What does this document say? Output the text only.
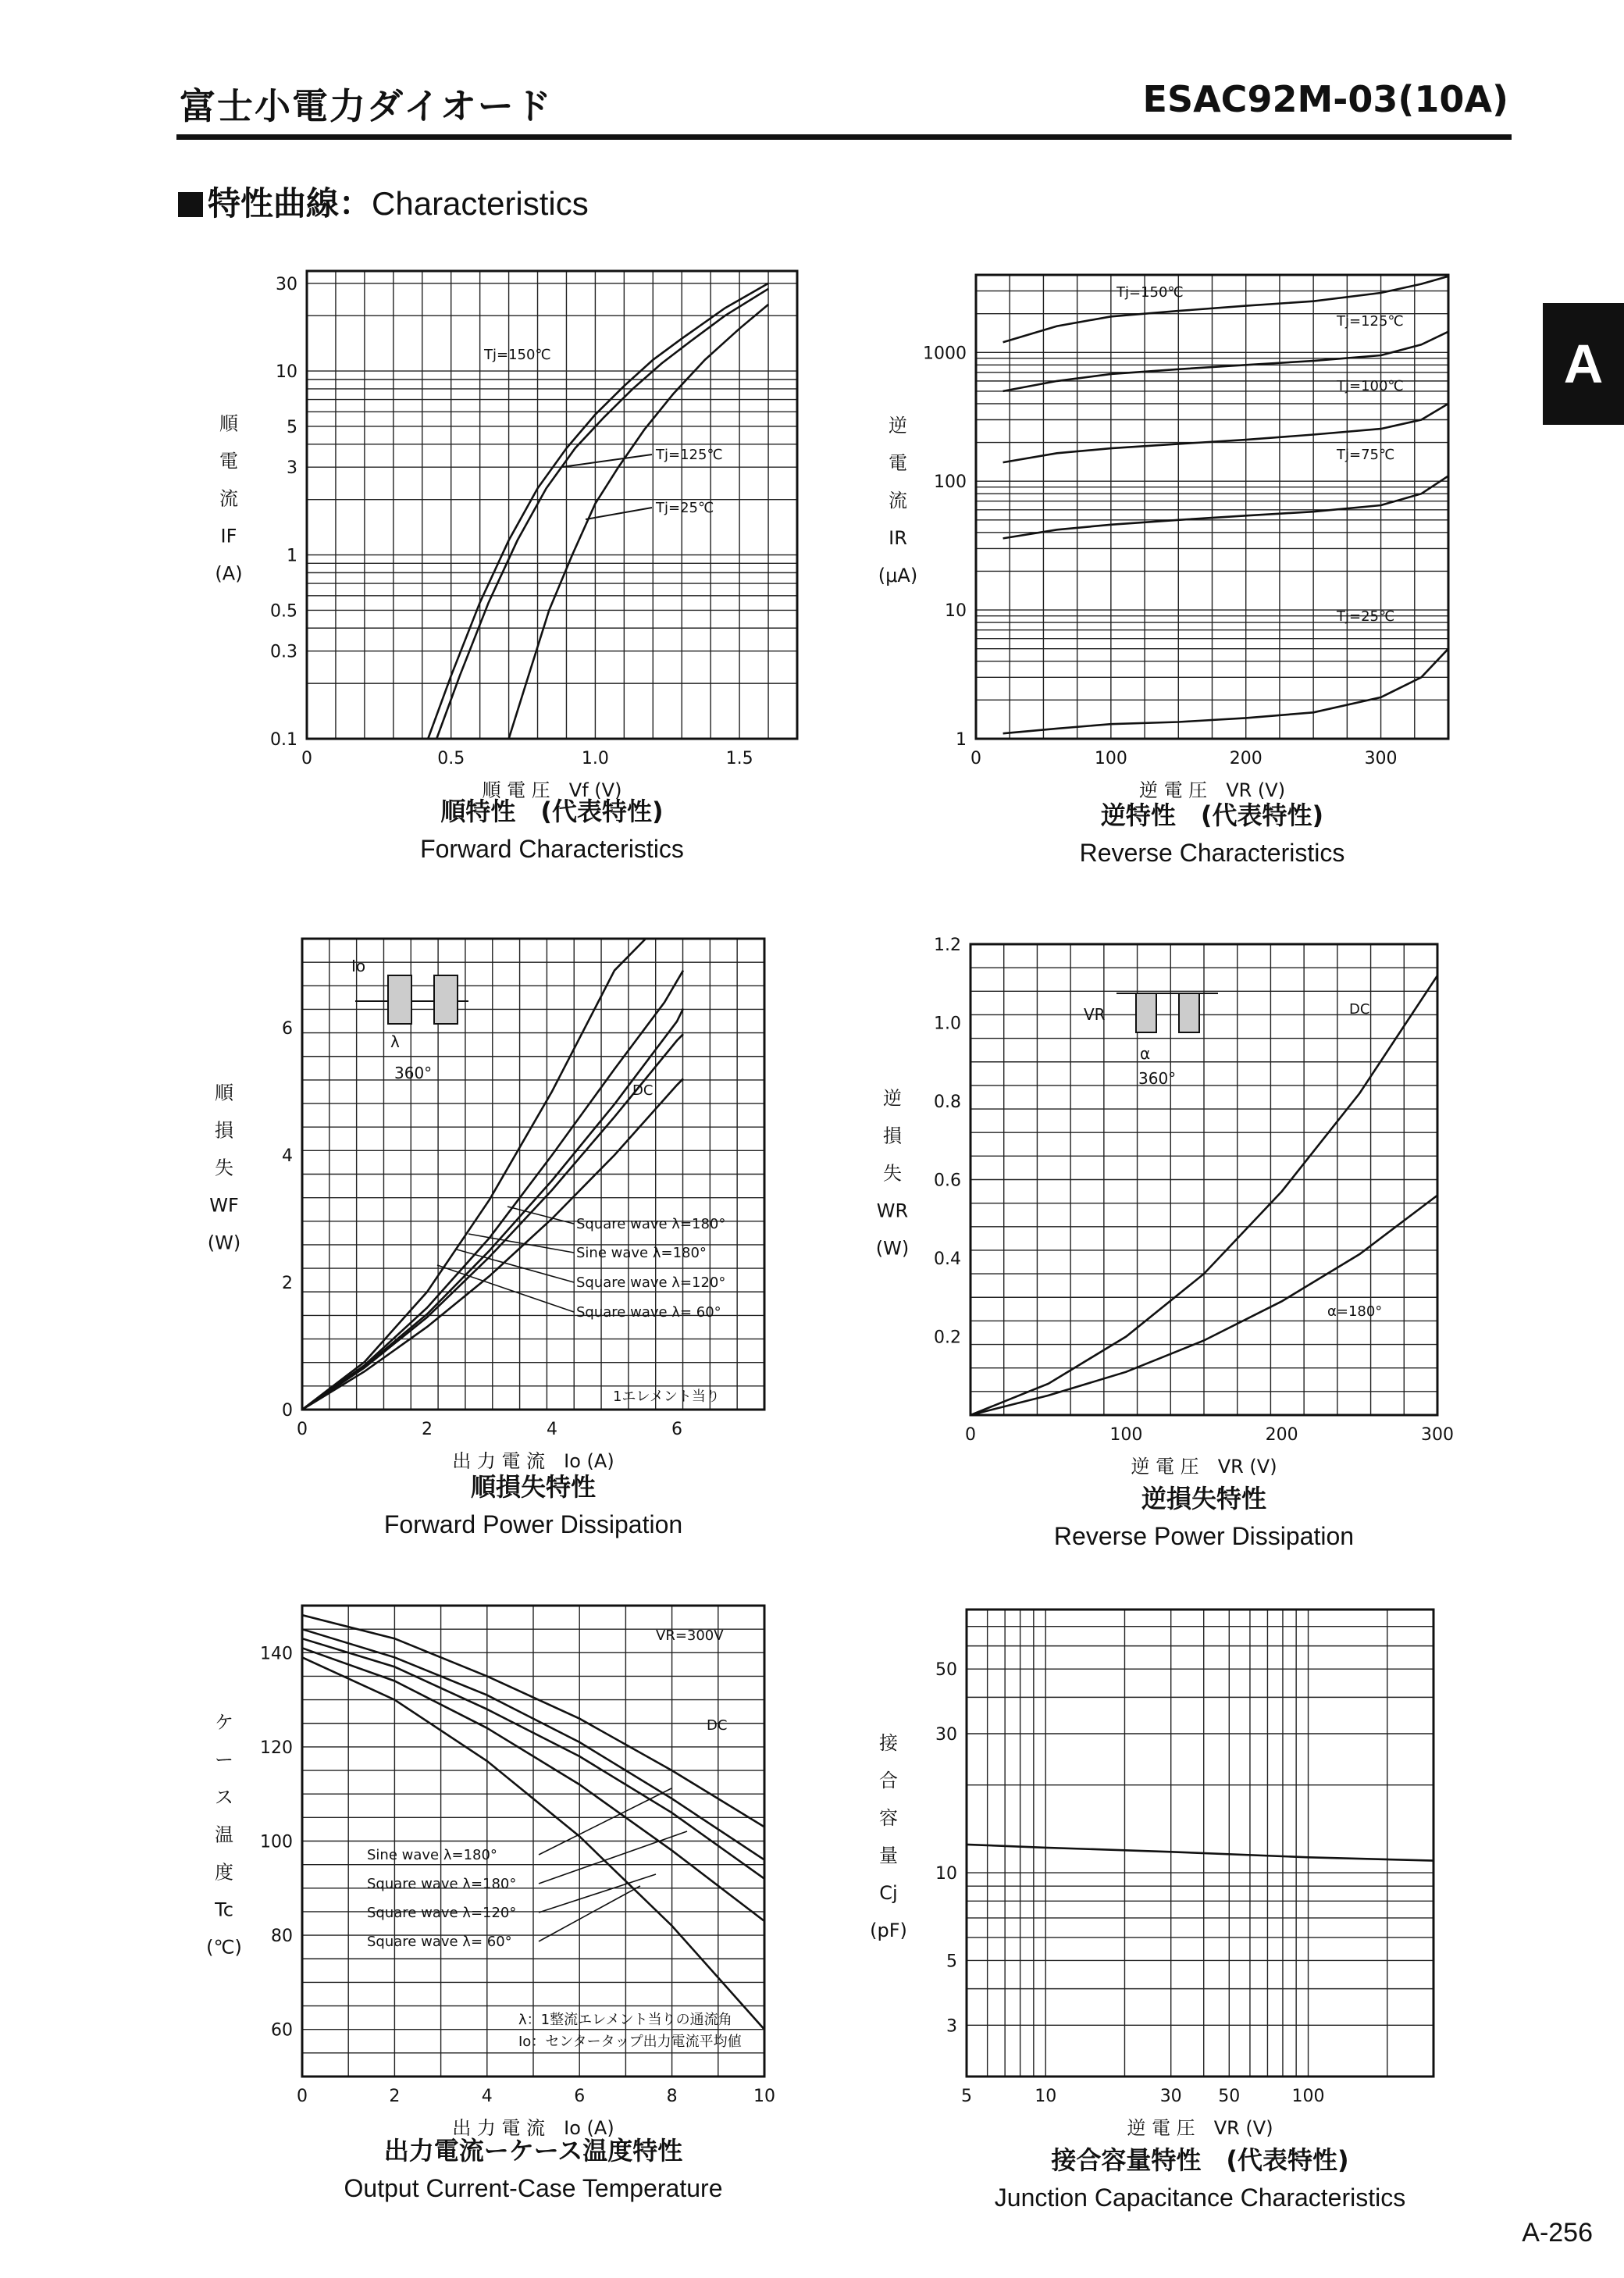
富士小電力ダイオード	ESAC92M-03(10A)
特性曲線：Characteristics
A
A-256
0	0.5	1.0	1.5
0.1
0.3
0.5
1
3
5
10
30
順
電
流
IF
(A)
順 電 圧　Vf (V)
順特性　(代表特性)
Forward Characteristics
Tj=150℃
Tj=125℃
Tj=25℃
0	100	200	300
1
10
100
1000
逆
電
流
IR
(μA)
逆 電 圧　VR (V)
逆特性　(代表特性)
Reverse Characteristics
Tj=150℃
Tj=125℃
Tj=100℃
Tj=75℃
Tj=25℃
0	2	4	6
0
2
4
6
順
損
失
WF
(W)
出 力 電 流　Io (A)
順損失特性
Forward Power Dissipation
DC
Square wave λ=180°
Sine wave λ=180°
Square wave λ=120°
Square wave λ= 60°
1エレメント当り
Io
λ
360°
0	100	200	300
0.2
0.4
0.6
0.8
1.0
1.2
逆
損
失
WR
(W)
逆 電 圧　VR (V)
逆損失特性
Reverse Power Dissipation
DC
α=180°
VR
α
360°
0	2	4	6	8	10
60
80
100
120
140
ケ
ー
ス
温
度
Tc
(℃)
出 力 電 流　Io (A)
出力電流ーケース温度特性
Output Current-Case Temperature
VR=300V
DC
Sine wave λ=180°
Square wave λ=180°
Square wave λ=120°
Square wave λ= 60°
λ：1整流エレメント当りの通流角
Io：センタータップ出力電流平均値
5	10	30 50	100
3
5
10
30
50
接
合
容
量
Cj
(pF)
逆 電 圧　VR (V)
接合容量特性　(代表特性)
Junction Capacitance Characteristics
